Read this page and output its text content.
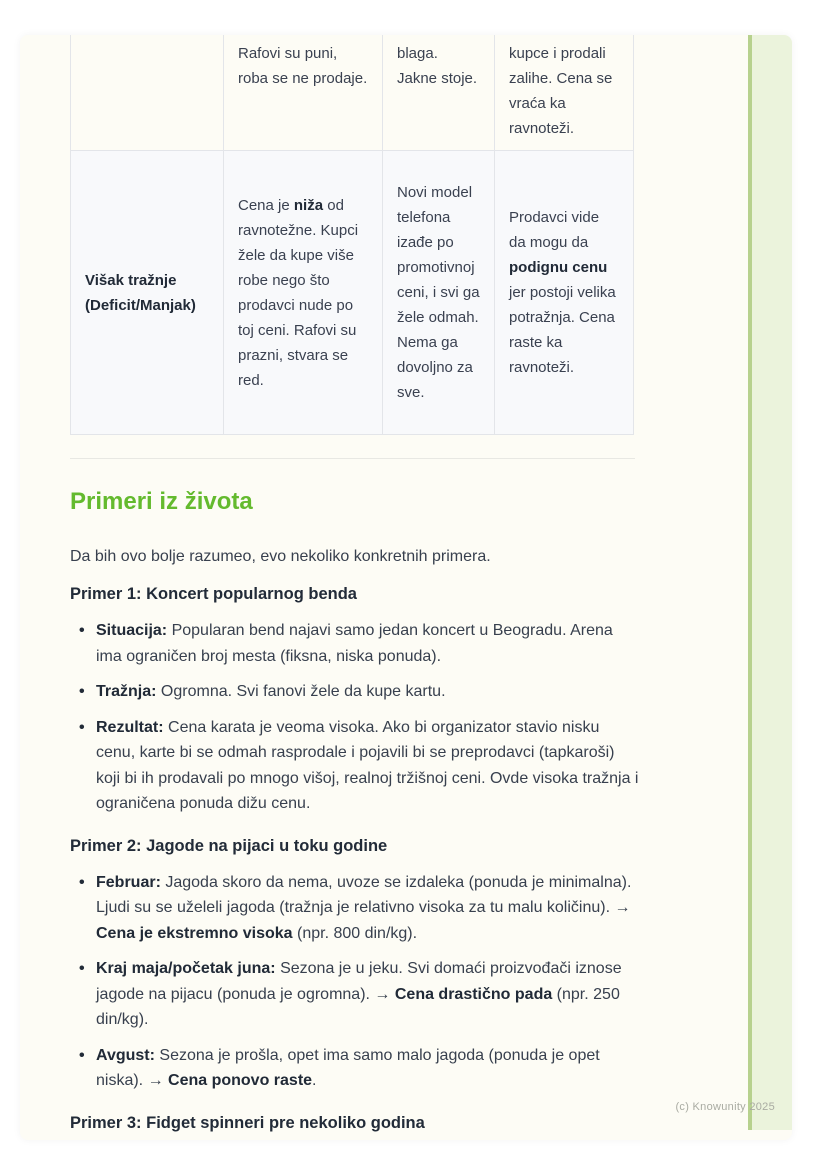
	Rafovi su puni, roba se ne prodaje.	blaga. Jakne stoje.	kupce i prodali zalihe. Cena se vraća ka ravnoteži.
Višak tražnje (Deficit/Manjak)	Cena je niža od ravnotežne. Kupci žele da kupe više robe nego što prodavci nude po toj ceni. Rafovi su prazni, stvara se red.	Novi model telefona izađe po promotivnoj ceni, i svi ga žele odmah. Nema ga dovoljno za sve.	Prodavci vide da mogu da podignu cenu jer postoji velika potražnja. Cena raste ka ravnoteži.
Primeri iz života

Da bih ovo bolje razumeo, evo nekoliko konkretnih primera.

Primer 1: Koncert popularnog benda
• Situacija: Popularan bend najavi samo jedan koncert u Beogradu. Arena ima ograničen broj mesta (fiksna, niska ponuda).
• Tražnja: Ogromna. Svi fanovi žele da kupe kartu.
• Rezultat: Cena karata je veoma visoka. Ako bi organizator stavio nisku cenu, karte bi se odmah rasprodale i pojavili bi se preprodavci (tapkaroši) koji bi ih prodavali po mnogo višoj, realnoj tržišnoj ceni. Ovde visoka tražnja i ograničena ponuda dižu cenu.
Primer 2: Jagode na pijaci u toku godine
• Februar: Jagoda skoro da nema, uvoze se izdaleka (ponuda je minimalna). Ljudi su se uželeli jagoda (tražnja je relativno visoka za tu malu količinu). → Cena je ekstremno visoka (npr. 800 din/kg).
• Kraj maja/početak juna: Sezona je u jeku. Svi domaći proizvođači iznose jagode na pijacu (ponuda je ogromna). → Cena drastično pada (npr. 250 din/kg).
• Avgust: Sezona je prošla, opet ima samo malo jagoda (ponuda je opet niska). → Cena ponovo raste.
Primer 3: Fidget spinneri pre nekoliko godina
(c) Knowunity 2025
